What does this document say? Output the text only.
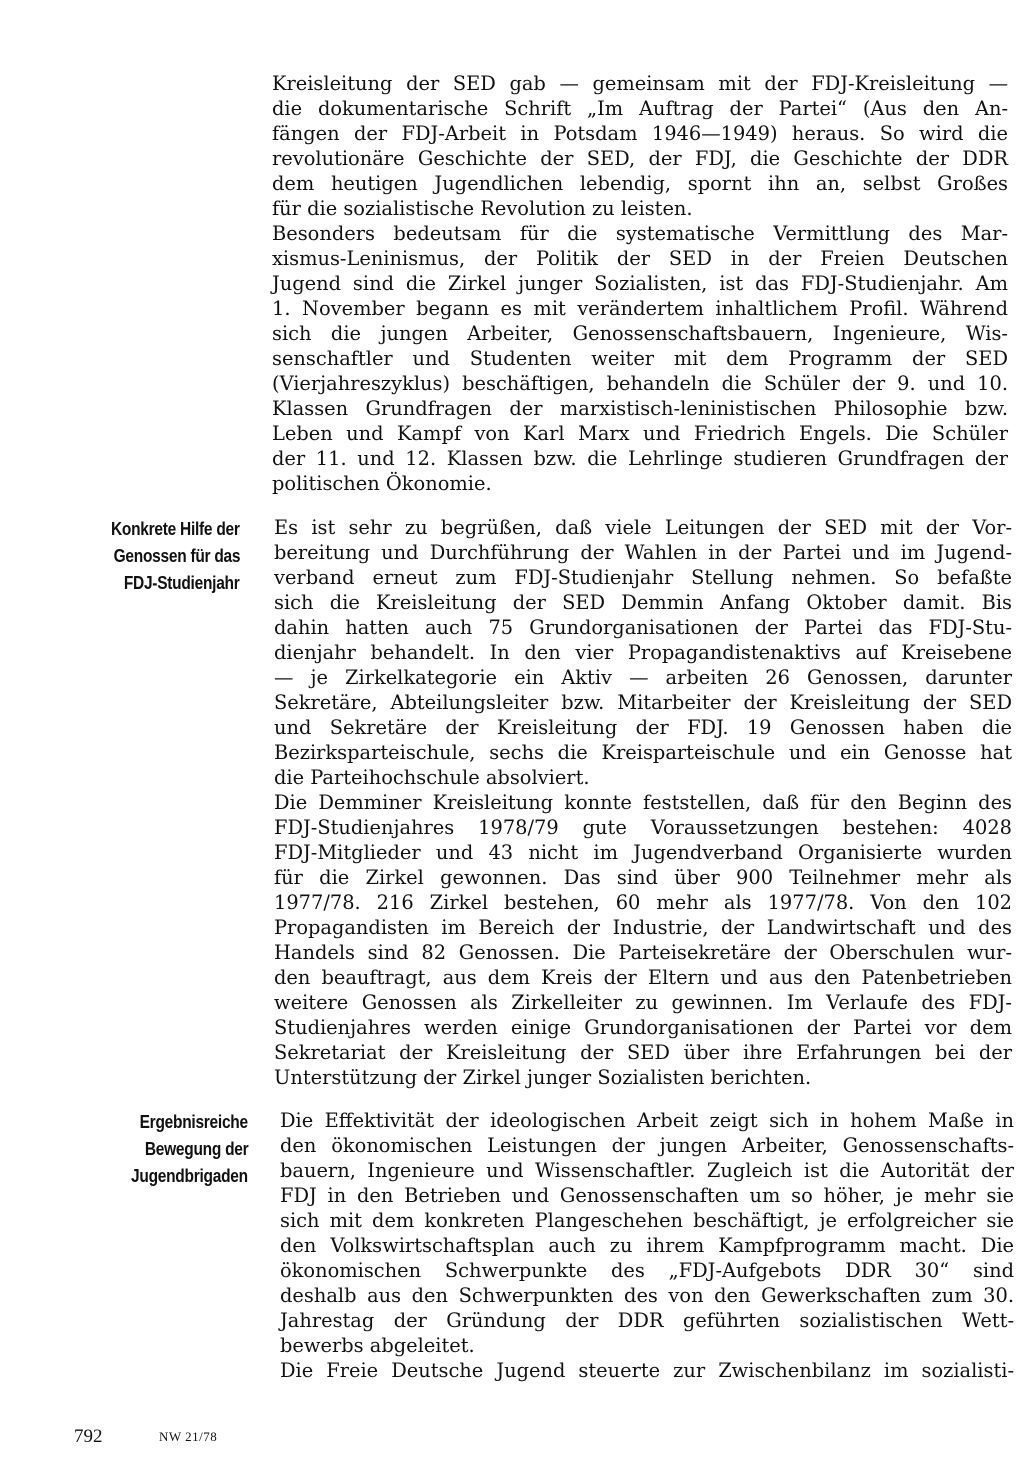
Kreisleitung der SED gab — gemeinsam mit der FDJ-Kreisleitung —
die dokumentarische Schrift „Im Auftrag der Partei“ (Aus den An-
fängen der FDJ-Arbeit in Potsdam 1946—1949) heraus. So wird die
revolutionäre Geschichte der SED, der FDJ, die Geschichte der DDR
dem heutigen Jugendlichen lebendig, spornt ihn an, selbst Großes
für die sozialistische Revolution zu leisten.
Besonders bedeutsam für die systematische Vermittlung des Mar-
xismus-Leninismus, der Politik der SED in der Freien Deutschen
Jugend sind die Zirkel junger Sozialisten, ist das FDJ-Studienjahr. Am
1. November begann es mit verändertem inhaltlichem Profil. Während
sich die jungen Arbeiter, Genossenschaftsbauern, Ingenieure, Wis-
senschaftler und Studenten weiter mit dem Programm der SED
(Vierjahreszyklus) beschäftigen, behandeln die Schüler der 9. und 10.
Klassen Grundfragen der marxistisch-leninistischen Philosophie bzw.
Leben und Kampf von Karl Marx und Friedrich Engels. Die Schüler
der 11. und 12. Klassen bzw. die Lehrlinge studieren Grundfragen der
politischen Ökonomie.
Konkrete Hilfe der
Genossen für das
FDJ-Studienjahr
Es ist sehr zu begrüßen, daß viele Leitungen der SED mit der Vor-
bereitung und Durchführung der Wahlen in der Partei und im Jugend-
verband erneut zum FDJ-Studienjahr Stellung nehmen. So befaßte
sich die Kreisleitung der SED Demmin Anfang Oktober damit. Bis
dahin hatten auch 75 Grundorganisationen der Partei das FDJ-Stu-
dienjahr behandelt. In den vier Propagandistenaktivs auf Kreisebene
— je Zirkelkategorie ein Aktiv — arbeiten 26 Genossen, darunter
Sekretäre, Abteilungsleiter bzw. Mitarbeiter der Kreisleitung der SED
und Sekretäre der Kreisleitung der FDJ. 19 Genossen haben die
Bezirksparteischule, sechs die Kreisparteischule und ein Genosse hat
die Parteihochschule absolviert.
Die Demminer Kreisleitung konnte feststellen, daß für den Beginn des
FDJ-Studienjahres 1978/79 gute Voraussetzungen bestehen: 4028
FDJ-Mitglieder und 43 nicht im Jugendverband Organisierte wurden
für die Zirkel gewonnen. Das sind über 900 Teilnehmer mehr als
1977/78. 216 Zirkel bestehen, 60 mehr als 1977/78. Von den 102
Propagandisten im Bereich der Industrie, der Landwirtschaft und des
Handels sind 82 Genossen. Die Parteisekretäre der Oberschulen wur-
den beauftragt, aus dem Kreis der Eltern und aus den Patenbetrieben
weitere Genossen als Zirkelleiter zu gewinnen. Im Verlaufe des FDJ-
Studienjahres werden einige Grundorganisationen der Partei vor dem
Sekretariat der Kreisleitung der SED über ihre Erfahrungen bei der
Unterstützung der Zirkel junger Sozialisten berichten.
Ergebnisreiche
Bewegung der
Jugendbrigaden
Die Effektivität der ideologischen Arbeit zeigt sich in hohem Maße in
den ökonomischen Leistungen der jungen Arbeiter, Genossenschafts-
bauern, Ingenieure und Wissenschaftler. Zugleich ist die Autorität der
FDJ in den Betrieben und Genossenschaften um so höher, je mehr sie
sich mit dem konkreten Plangeschehen beschäftigt, je erfolgreicher sie
den Volkswirtschaftsplan auch zu ihrem Kampfprogramm macht. Die
ökonomischen Schwerpunkte des „FDJ-Aufgebots DDR 30“ sind
deshalb aus den Schwerpunkten des von den Gewerkschaften zum 30.
Jahrestag der Gründung der DDR geführten sozialistischen Wett-
bewerbs abgeleitet.
Die Freie Deutsche Jugend steuerte zur Zwischenbilanz im sozialisti-
792	NW 21/78
